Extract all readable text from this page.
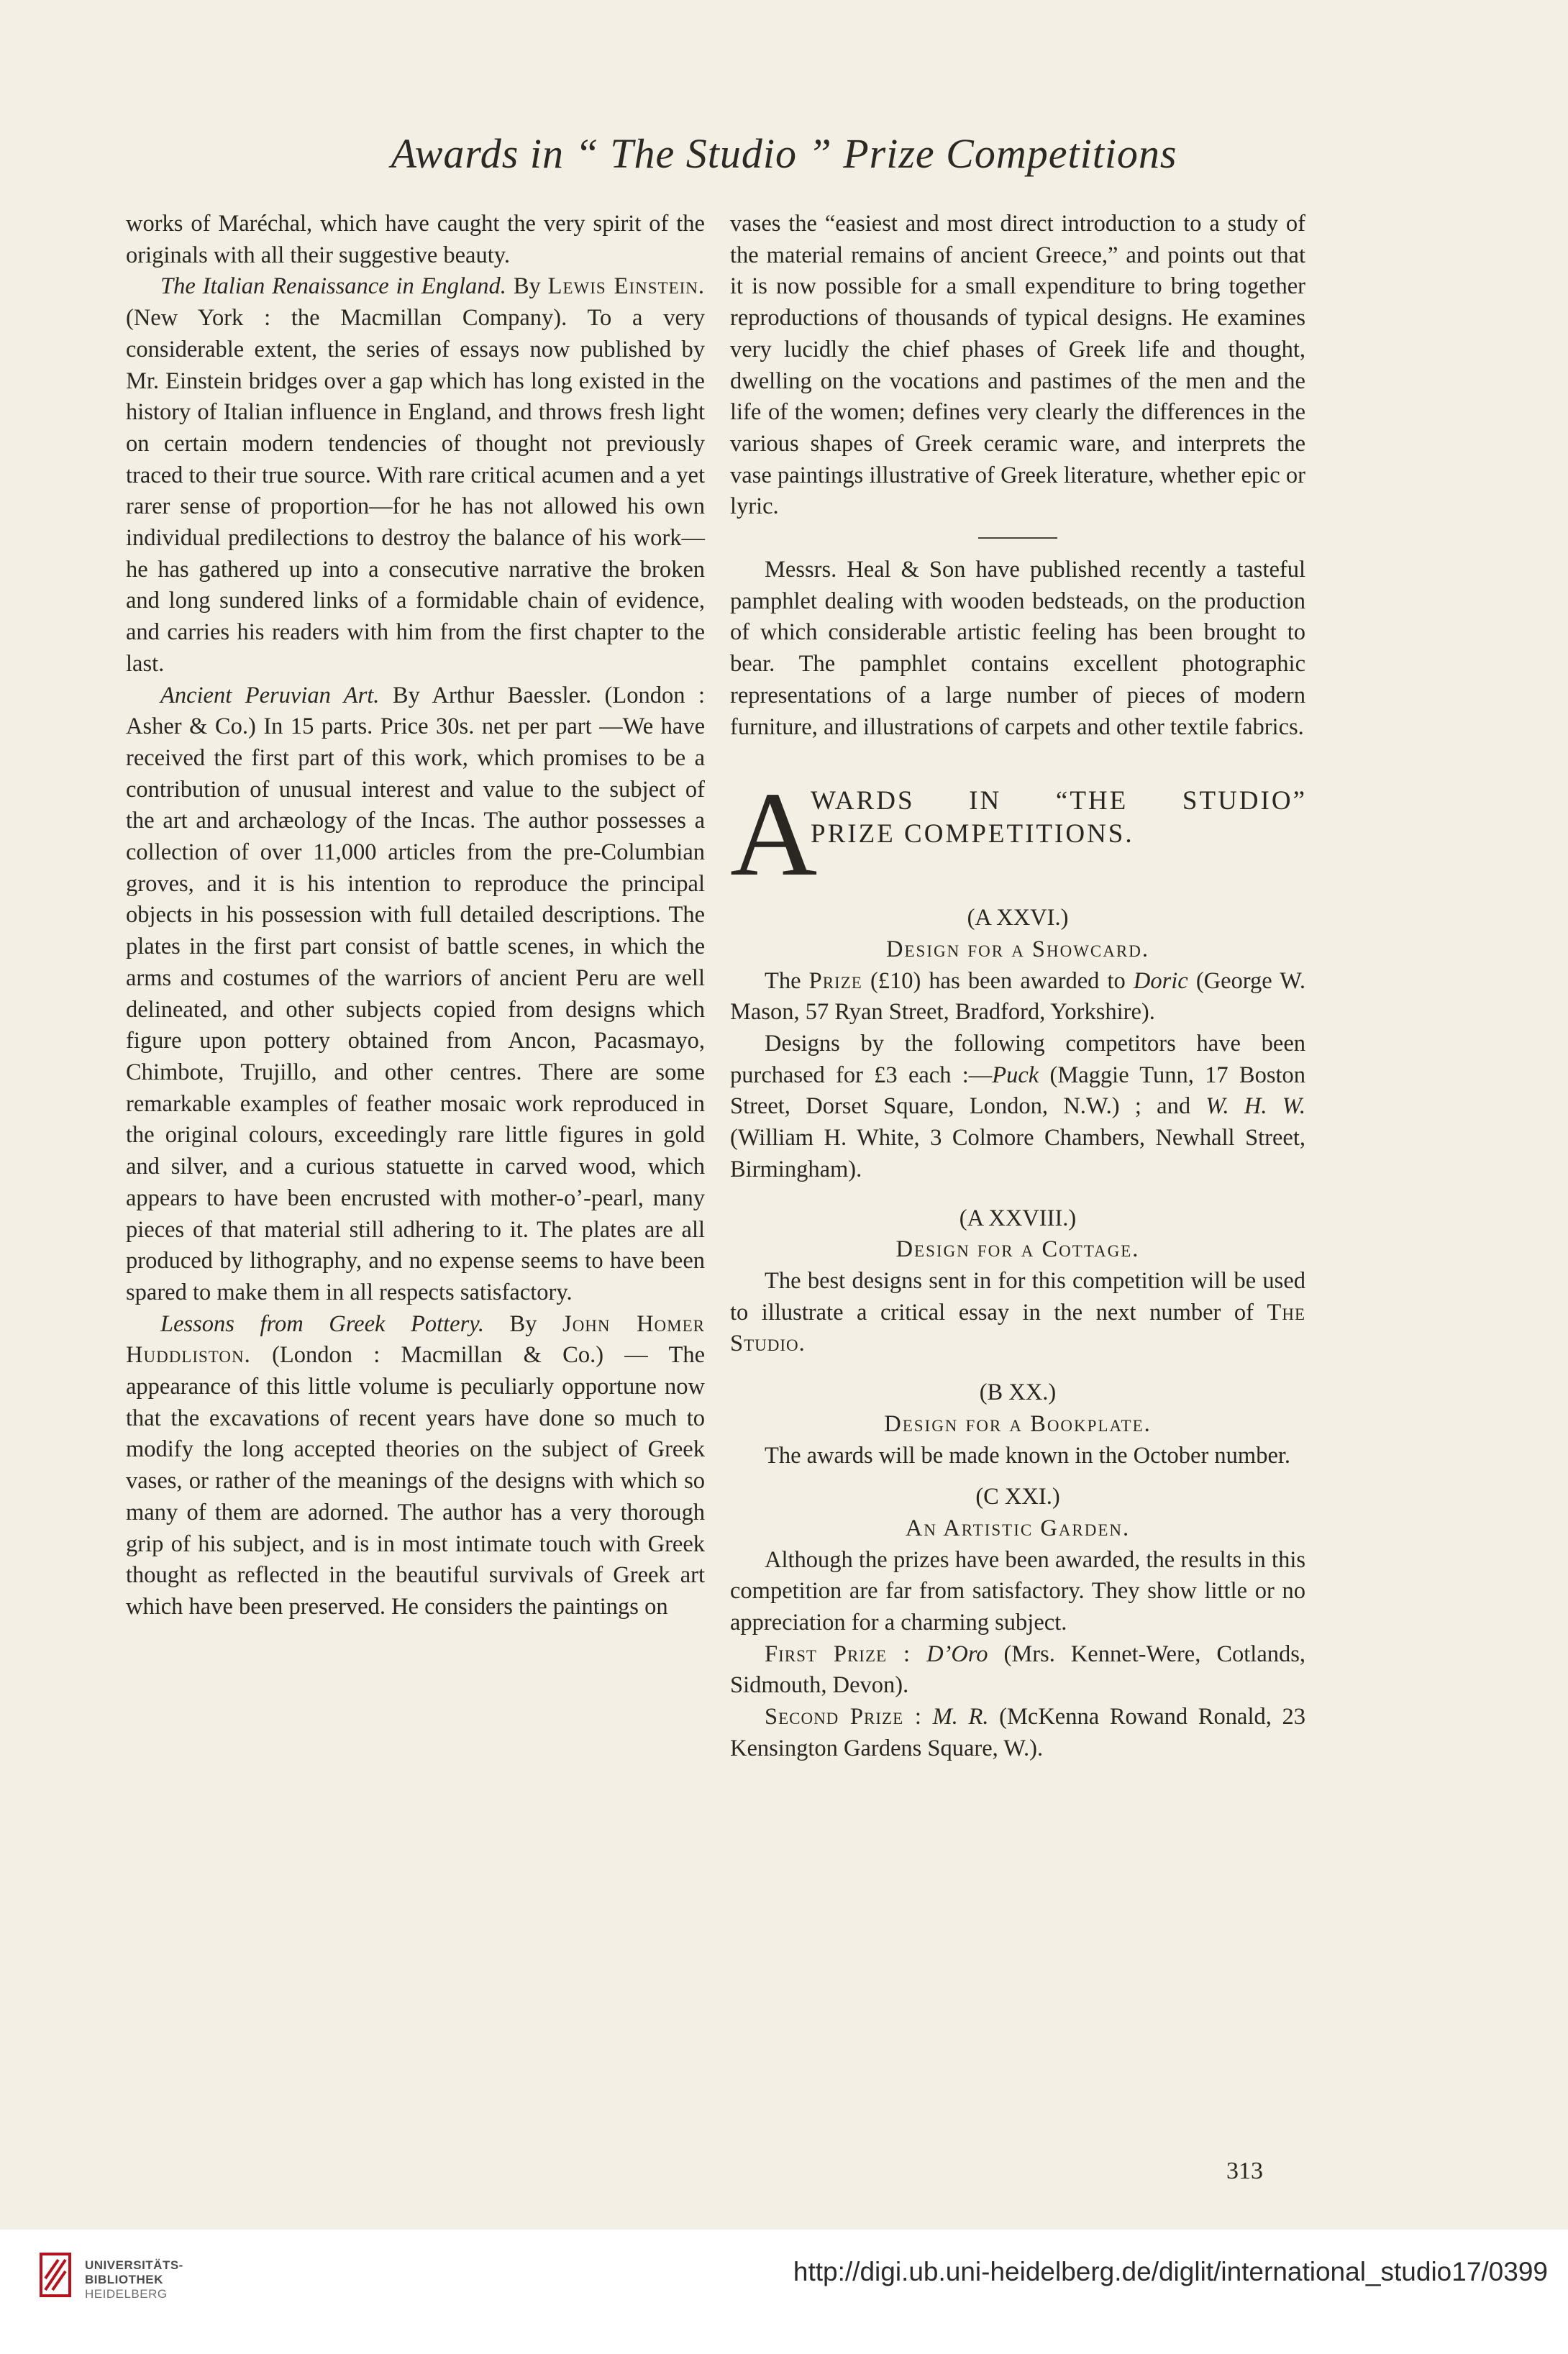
Awards in “ The Studio ” Prize Competitions

works of Maréchal, which have caught the very spirit of the originals with all their suggestive beauty.

The Italian Renaissance in England. By Lewis Einstein. (New York : the Macmillan Company). To a very considerable extent, the series of essays now published by Mr. Einstein bridges over a gap which has long existed in the history of Italian influence in England, and throws fresh light on certain modern tendencies of thought not previously traced to their true source. With rare critical acumen and a yet rarer sense of proportion—for he has not allowed his own individual predilections to destroy the balance of his work—he has gathered up into a consecutive narrative the broken and long sundered links of a formidable chain of evidence, and carries his readers with him from the first chapter to the last.

Ancient Peruvian Art. By Arthur Baessler. (London : Asher & Co.) In 15 parts. Price 30s. net per part —We have received the first part of this work, which promises to be a contribution of unusual interest and value to the subject of the art and archæology of the Incas. The author possesses a collection of over 11,000 articles from the pre-Columbian groves, and it is his intention to reproduce the principal objects in his possession with full detailed descriptions. The plates in the first part consist of battle scenes, in which the arms and costumes of the warriors of ancient Peru are well delineated, and other subjects copied from designs which figure upon pottery obtained from Ancon, Pacasmayo, Chimbote, Trujillo, and other centres. There are some remarkable examples of feather mosaic work reproduced in the original colours, exceedingly rare little figures in gold and silver, and a curious statuette in carved wood, which appears to have been encrusted with mother-o’-pearl, many pieces of that material still adhering to it. The plates are all produced by lithography, and no expense seems to have been spared to make them in all respects satisfactory.

Lessons from Greek Pottery. By John Homer Huddliston. (London : Macmillan & Co.) — The appearance of this little volume is peculiarly opportune now that the excavations of recent years have done so much to modify the long accepted theories on the subject of Greek vases, or rather of the meanings of the designs with which so many of them are adorned. The author has a very thorough grip of his subject, and is in most intimate touch with Greek thought as reflected in the beautiful survivals of Greek art which have been preserved. He considers the paintings on

vases the “easiest and most direct introduction to a study of the material remains of ancient Greece,” and points out that it is now possible for a small expenditure to bring together reproductions of thousands of typical designs. He examines very lucidly the chief phases of Greek life and thought, dwelling on the vocations and pastimes of the men and the life of the women; defines very clearly the differences in the various shapes of Greek ceramic ware, and interprets the vase paintings illustrative of Greek literature, whether epic or lyric.

Messrs. Heal & Son have published recently a tasteful pamphlet dealing with wooden bedsteads, on the production of which considerable artistic feeling has been brought to bear. The pamphlet contains excellent photographic representations of a large number of pieces of modern furniture, and illustrations of carpets and other textile fabrics.

A
WARDS IN “THE STUDIO”
PRIZE COMPETITIONS.

(A XXVI.)

Design for a Showcard.

The Prize (£10) has been awarded to Doric (George W. Mason, 57 Ryan Street, Bradford, Yorkshire).

Designs by the following competitors have been purchased for £3 each :—Puck (Maggie Tunn, 17 Boston Street, Dorset Square, London, N.W.) ; and W. H. W. (William H. White, 3 Colmore Chambers, Newhall Street, Birmingham).

(A XXVIII.)

Design for a Cottage.

The best designs sent in for this competition will be used to illustrate a critical essay in the next number of The Studio.

(B XX.)

Design for a Bookplate.

The awards will be made known in the October number.

(C XXI.)

An Artistic Garden.

Although the prizes have been awarded, the results in this competition are far from satisfactory. They show little or no appreciation for a charming subject.

First Prize : D’Oro (Mrs. Kennet-Were, Cotlands, Sidmouth, Devon).

Second Prize : M. R. (McKenna Rowand Ronald, 23 Kensington Gardens Square, W.).

313
UNIVERSITÄTS-
BIBLIOTHEK
HEIDELBERG
http://digi.ub.uni-heidelberg.de/diglit/international_studio17/0399
